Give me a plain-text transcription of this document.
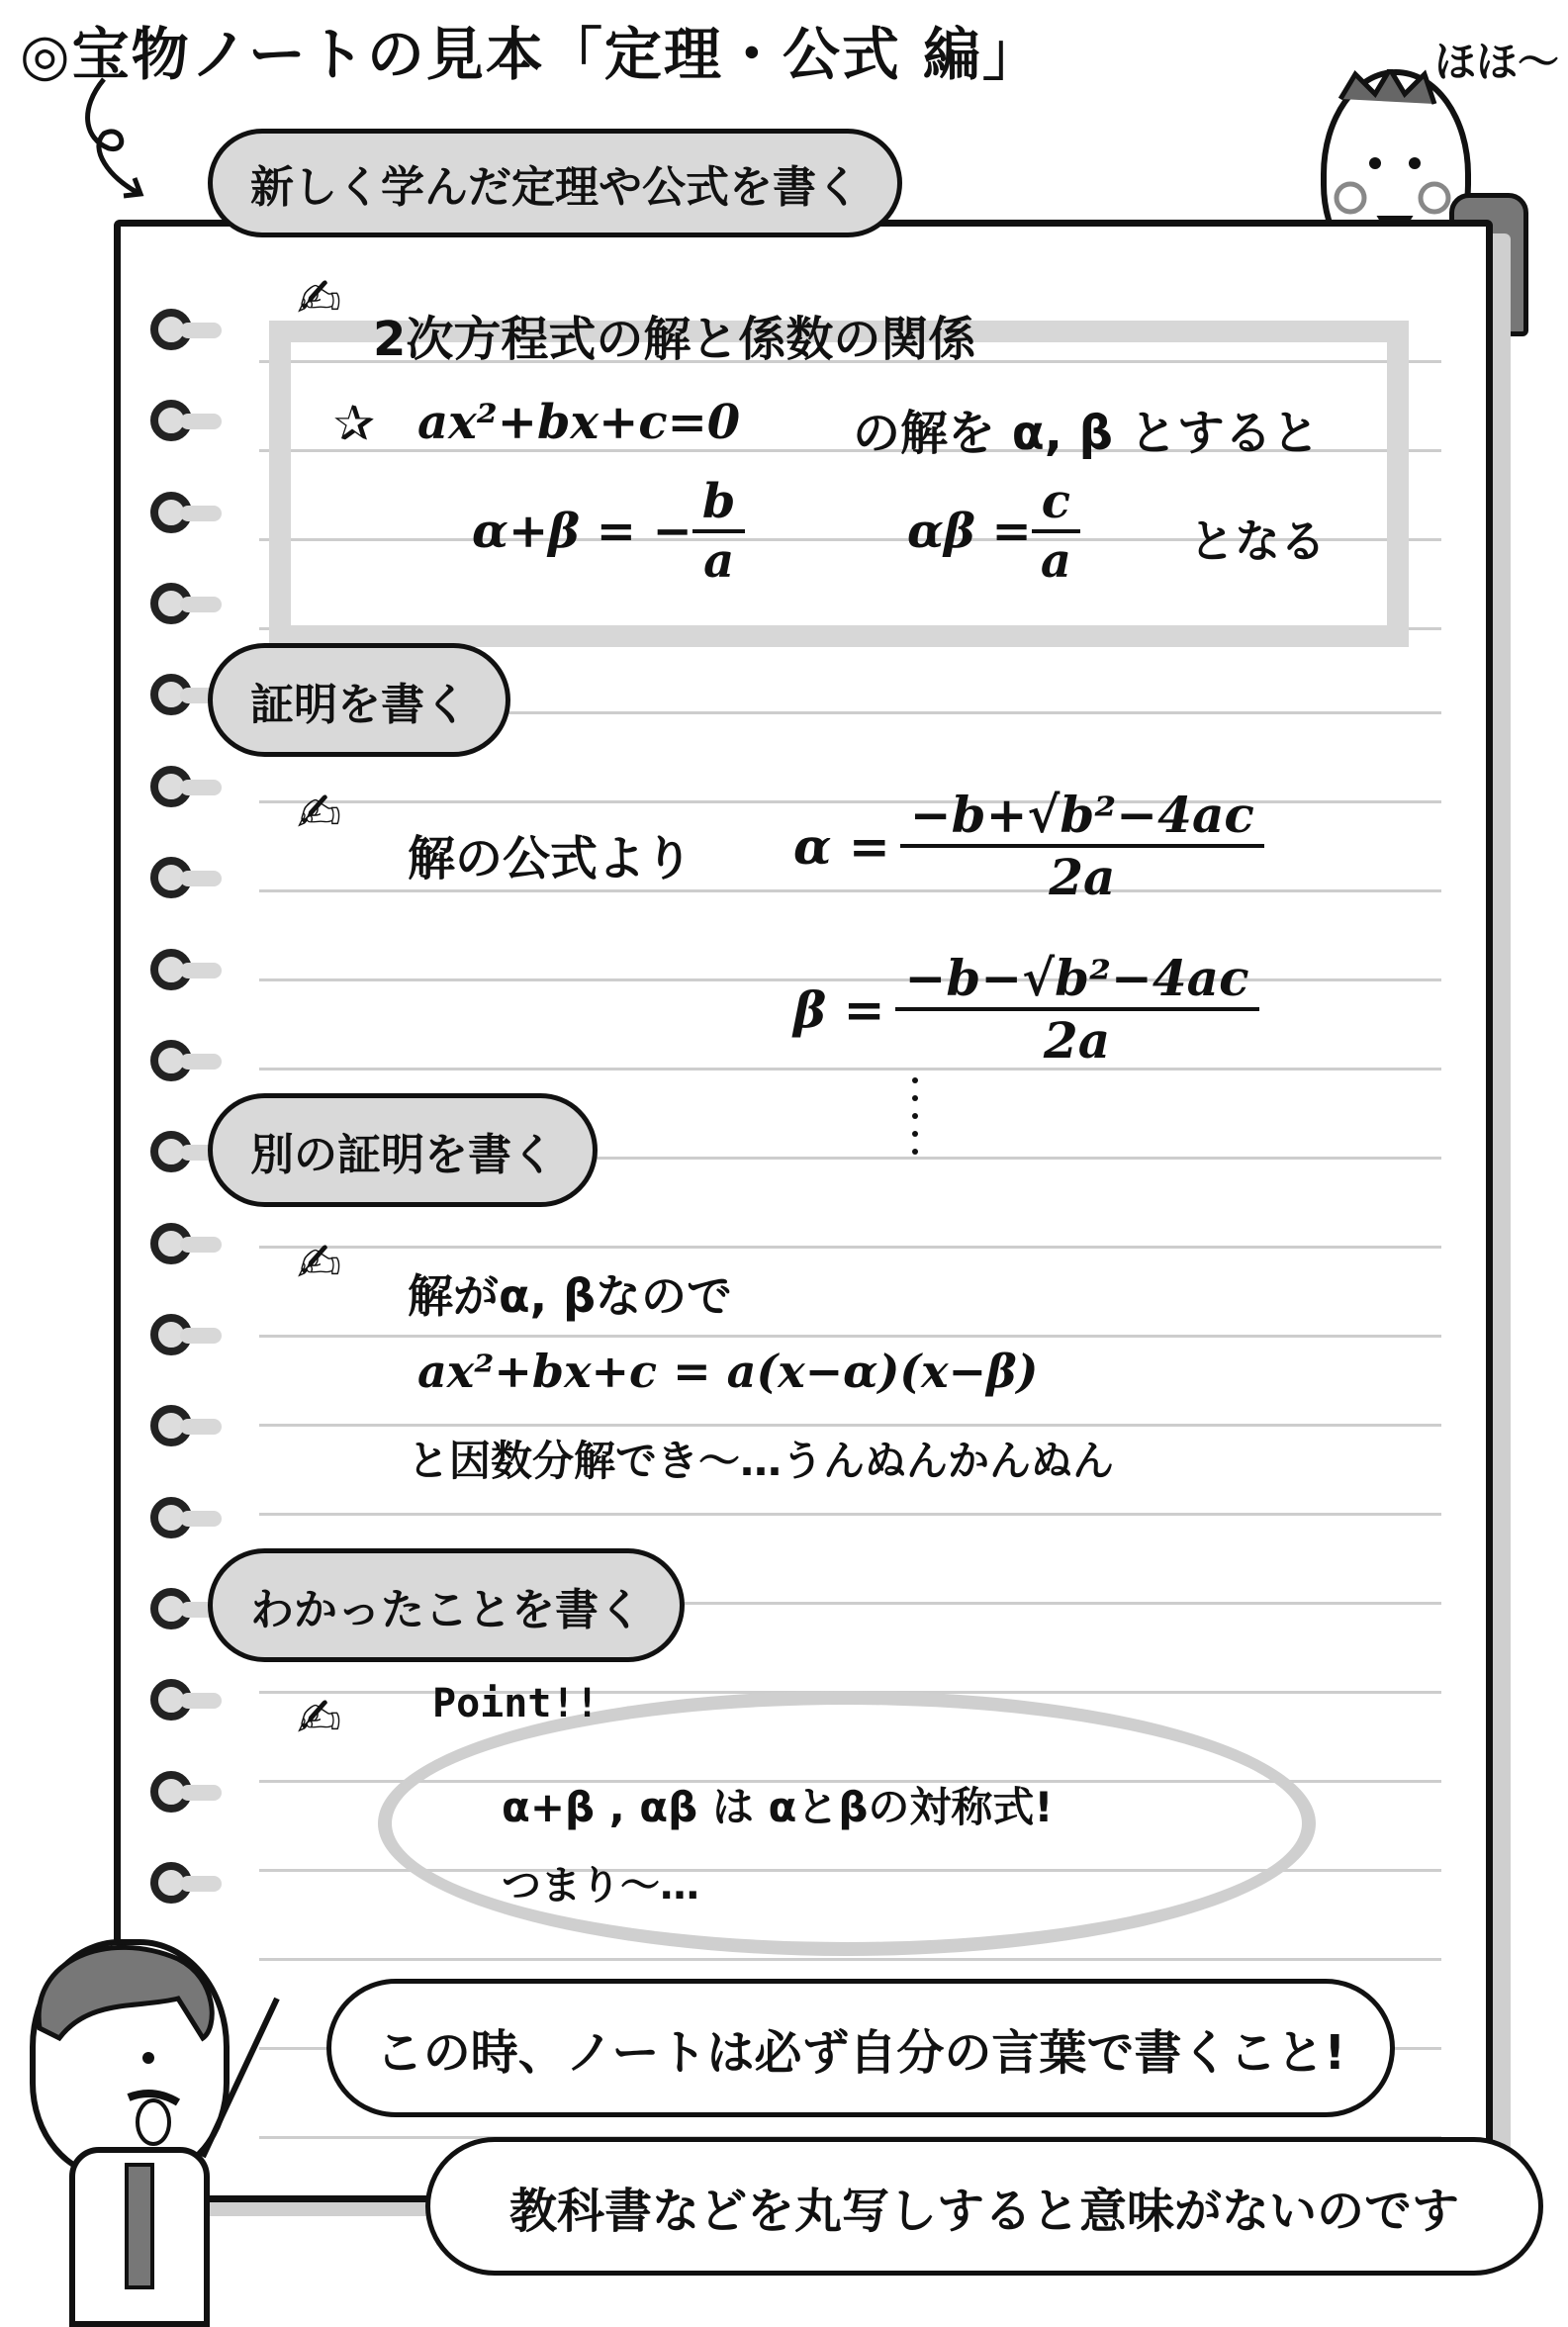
◎宝物ノートの見本「定理・公式 編」	ほほ〜
2次方程式の解と係数の関係
✰ ax²+bx+c=0 の解を α, β とすると
α+β = − $\frac{b}{a}$	$\alpha\beta = \frac{c}{a}$ となる
解の公式より $\alpha = \frac{\text{−b+√b²−4ac}}{2a}$
$\beta = \frac{\text{−b−√b²−4ac}}{2a}$
解がα, βなので
ax²+bx+c = a(x−α)(x−β)
と因数分解でき〜…うんぬんかんぬん
Point!!
α+β , αβ は αとβの対称式!
つまり〜…
新しく学んだ定理や公式を書く
証明を書く
別の証明を書く
わかったことを書く
✍
✍
✍
✍
この時、ノートは必ず自分の言葉で書くこと!
教科書などを丸写しすると意味がないのです
